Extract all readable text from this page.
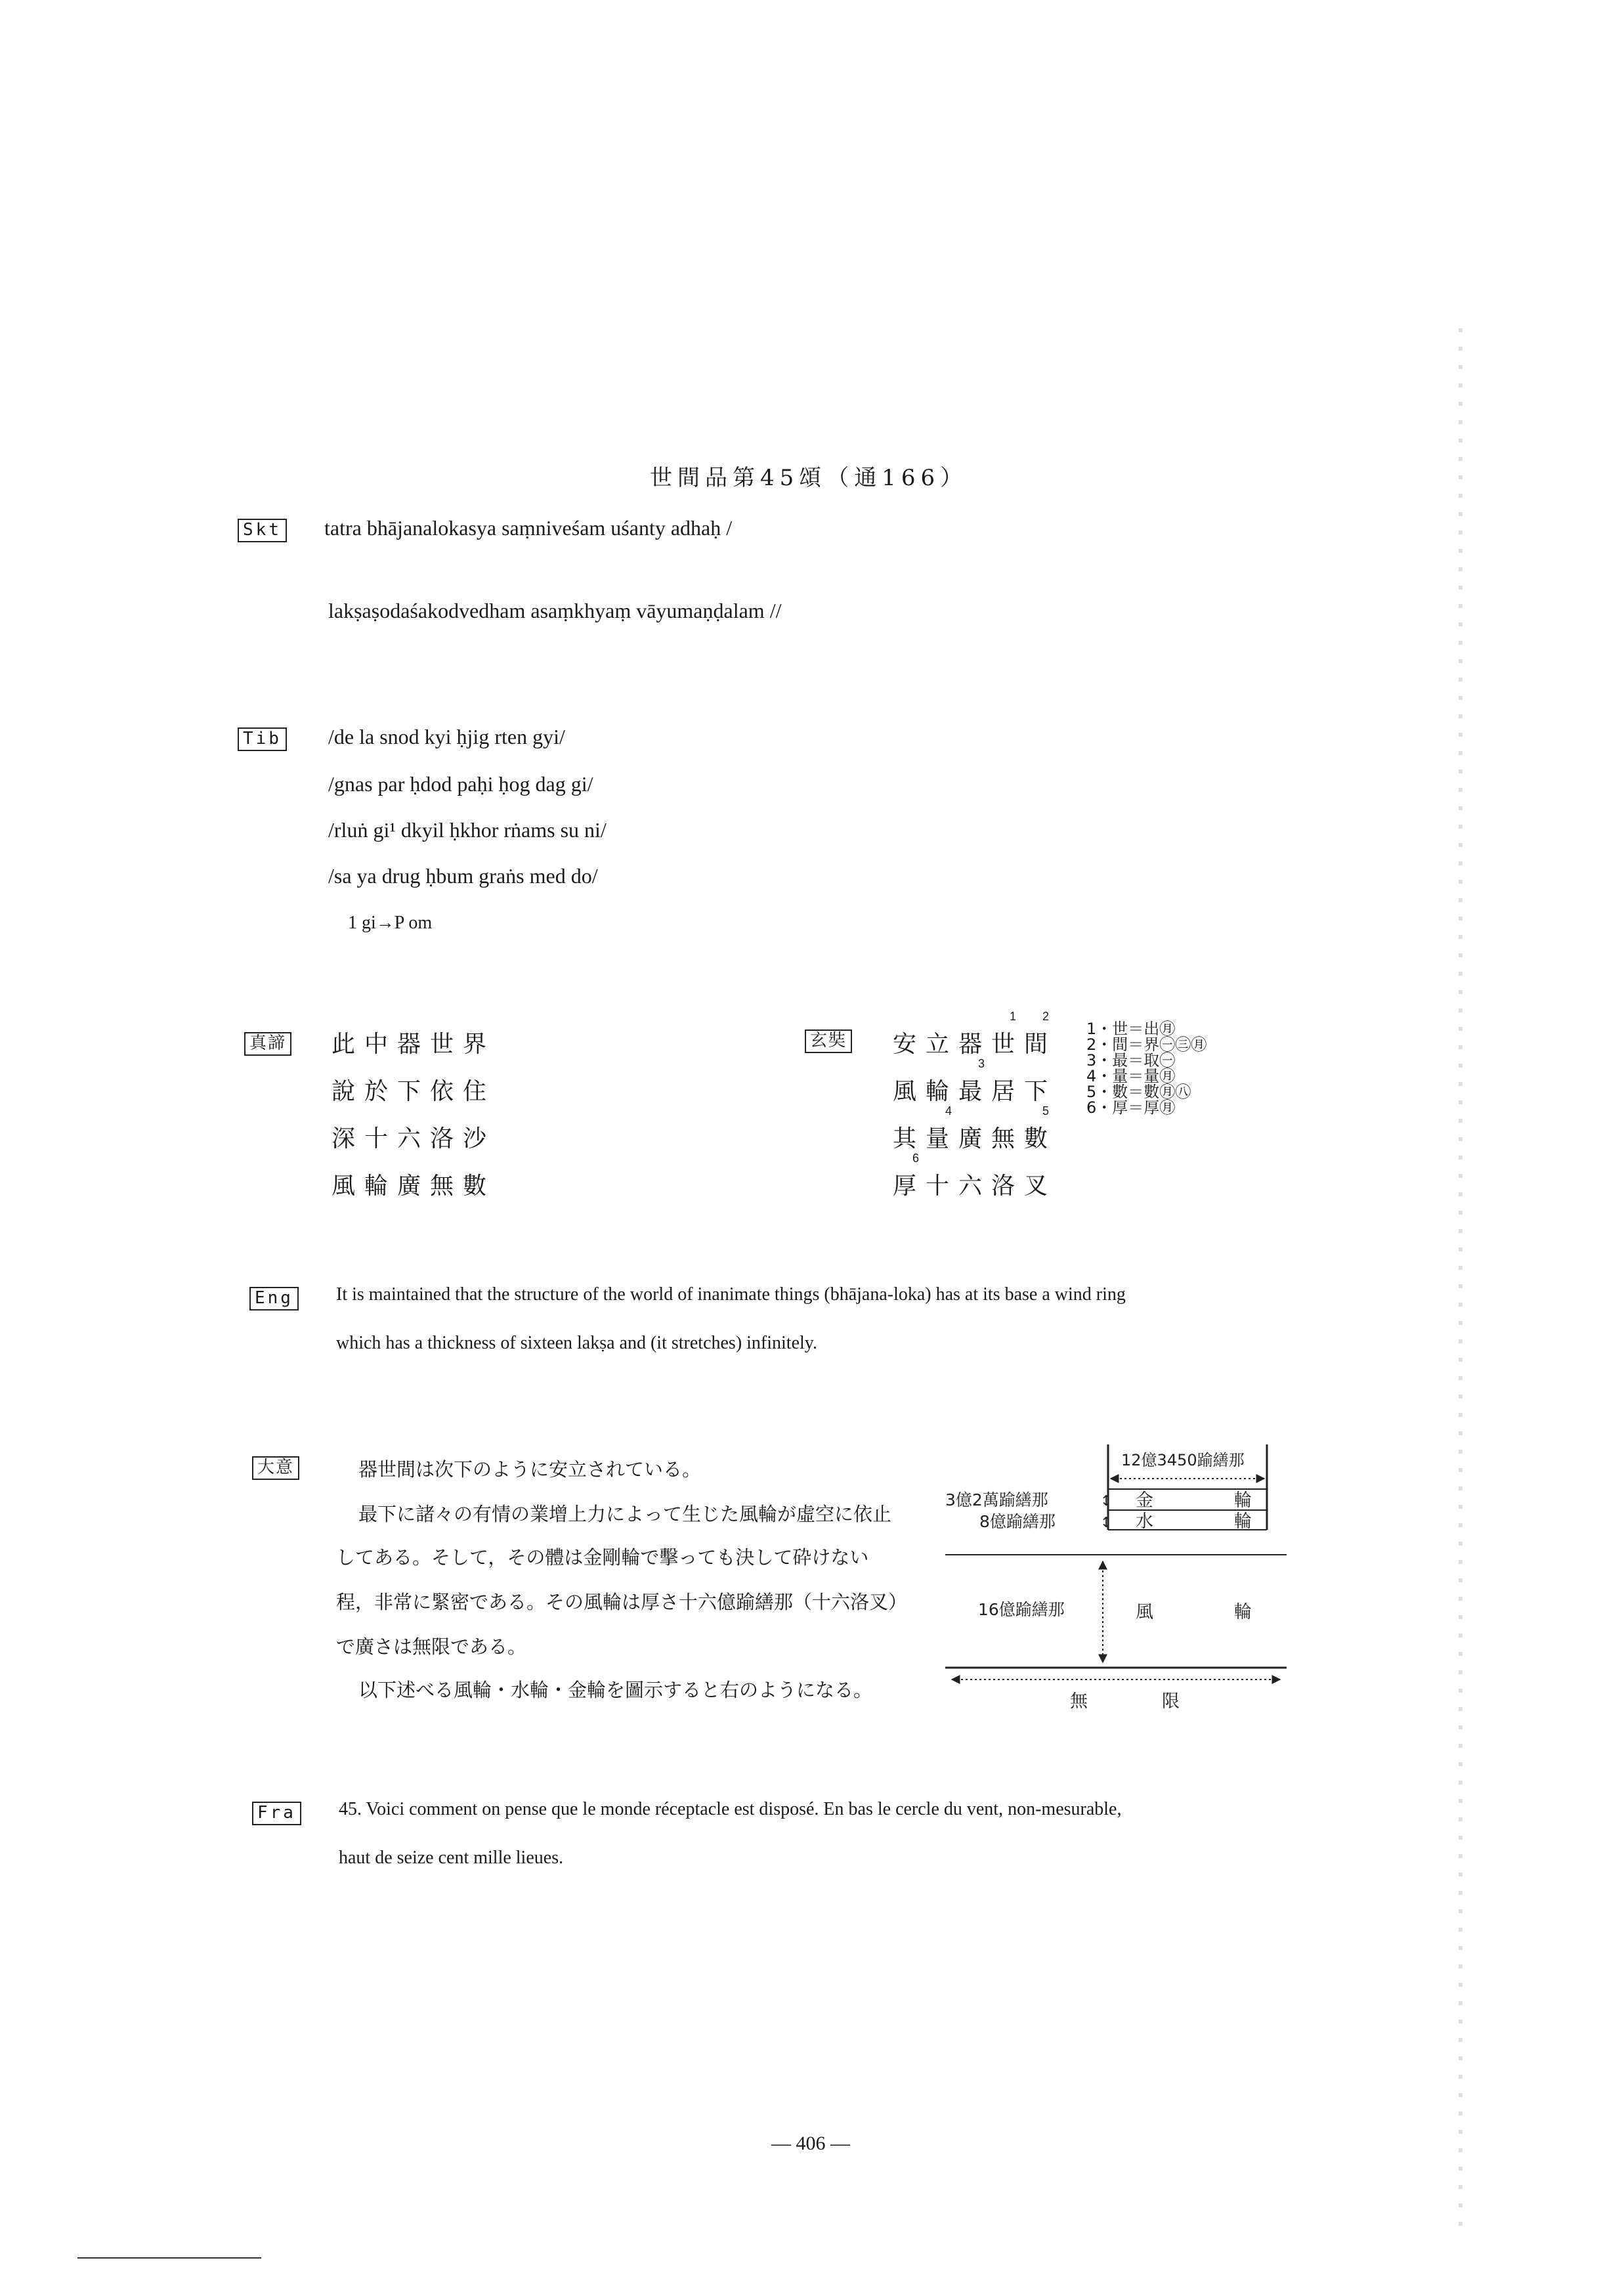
世間品第45頌（通166）
Skt tatra bhājanalokasya saṃniveśam uśanty adhaḥ /
lakṣaṣodaśakodvedham asaṃkhyaṃ vāyumaṇḍalam //
Tib /de la snod kyi ḥjig rten gyi/
/gnas par ḥdod paḥi ḥog dag gi/
/rluṅ gi¹ dkyil ḥkhor rṅams su ni/
/sa ya drug ḥbum graṅs med do/
1 gi→P om
真諦 此中器世界
說於下依住
深十六洛沙
風輪廣無數
玄奘 安立器世間
風輪最居下
其量廣無數
厚十六洛叉
1 2
3
4	5
6
1・世＝出㊊
2・間＝界㊀㊂㊊
3・最＝取㊀
4・量＝量㊊
5・數＝數㊊㊇
6・厚＝厚㊊
Eng It is maintained that the structure of the world of inanimate things (bhājana-loka) has at its base a wind ring
which has a thickness of sixteen lakṣa and (it stretches) infinitely.
大意	器世間は次下のように安立されている。
最下に諸々の有情の業增上力によって生じた風輪が虛空に依止
してある。そして，その體は金剛輪で擊っても決して砕けない
程，非常に緊密である。その風輪は厚さ十六億踰繕那（十六洛叉）
で廣さは無限である。
以下述べる風輪・水輪・金輪を圖示すると右のようになる。
12億3450踰繕那
3億2萬踰繕那	↕
8億踰繕那	↕
16億踰繕那
金	輪
水	輪
風	輪
無	限
Fra 45. Voici comment on pense que le monde réceptacle est disposé. En bas le cercle du vent, non-mesurable,
haut de seize cent mille lieues.
— 406 —
